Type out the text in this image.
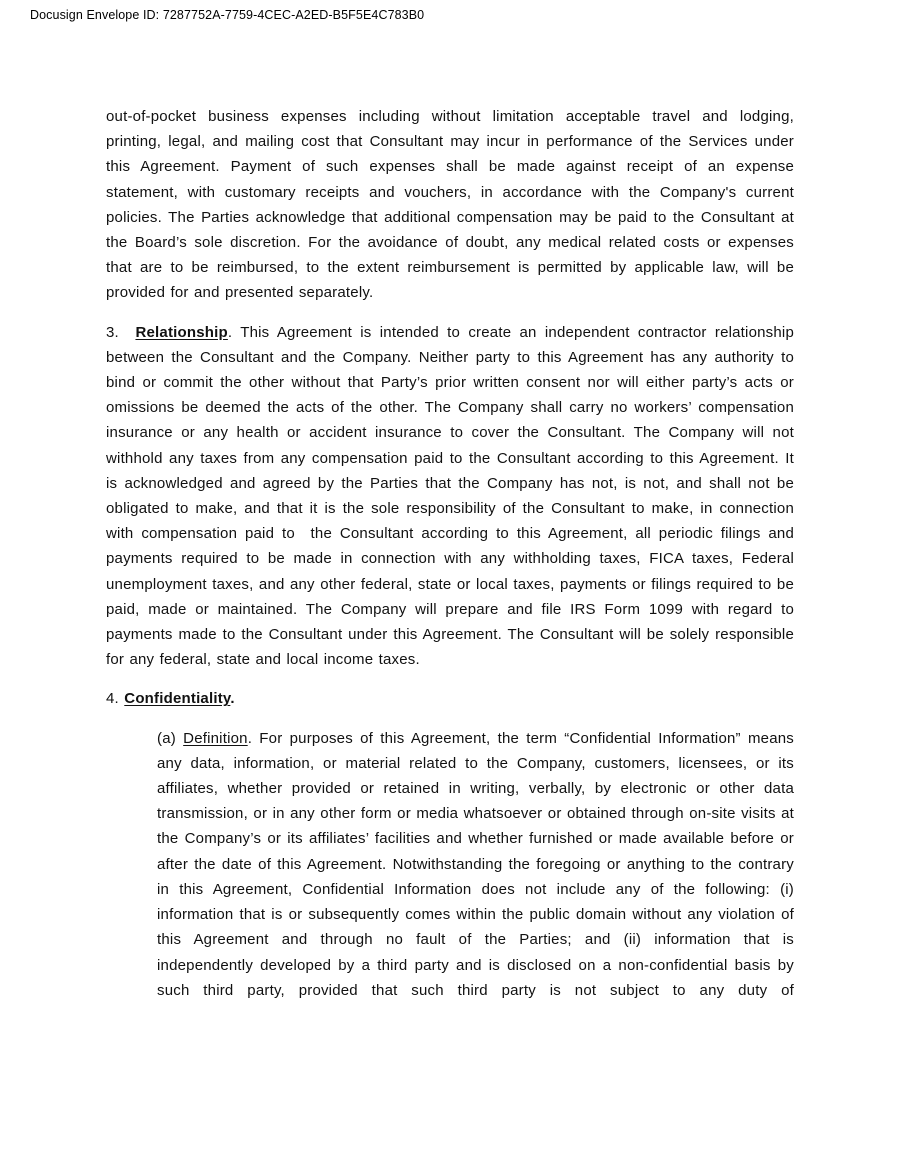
Docusign Envelope ID: 7287752A-7759-4CEC-A2ED-B5F5E4C783B0

out-of-pocket business expenses including without limitation acceptable travel and lodging, printing, legal, and mailing cost that Consultant may incur in performance of the Services under this Agreement. Payment of such expenses shall be made against receipt of an expense statement, with customary receipts and vouchers, in accordance with the Company's current policies. The Parties acknowledge that additional compensation may be paid to the Consultant at the Board’s sole discretion. For the avoidance of doubt, any medical related costs or expenses that are to be reimbursed, to the extent reimbursement is permitted by applicable law, will be provided for and presented separately.

3.  Relationship. This Agreement is intended to create an independent contractor relationship between the Consultant and the Company. Neither party to this Agreement has any authority to bind or commit the other without that Party’s prior written consent nor will either party’s acts or omissions be deemed the acts of the other. The Company shall carry no workers’ compensation insurance or any health or accident insurance to cover the Consultant. The Company will not withhold any taxes from any compensation paid to the Consultant according to this Agreement. It is acknowledged and agreed by the Parties that the Company has not, is not, and shall not be obligated to make, and that it is the sole responsibility of the Consultant to make, in connection with compensation paid to  the Consultant according to this Agreement, all periodic filings and payments required to be made in connection with any withholding taxes, FICA taxes, Federal unemployment taxes, and any other federal, state or local taxes, payments or filings required to be paid, made or maintained. The Company will prepare and file IRS Form 1099 with regard to payments made to the Consultant under this Agreement. The Consultant will be solely responsible for any federal, state and local income taxes.

4. Confidentiality.

(a) Definition. For purposes of this Agreement, the term “Confidential Information” means any data, information, or material related to the Company, customers, licensees, or its affiliates, whether provided or retained in writing, verbally, by electronic or other data transmission, or in any other form or media whatsoever or obtained through on-site visits at the Company’s or its affiliates’ facilities and whether furnished or made available before or after the date of this Agreement. Notwithstanding the foregoing or anything to the contrary in this Agreement, Confidential Information does not include any of the following: (i) information that is or subsequently comes within the public domain without any violation of this Agreement and through no fault of the Parties; and (ii) information that is independently developed by a third party and is disclosed on a non-confidential basis by such third party, provided that such third party is not subject to any duty of
